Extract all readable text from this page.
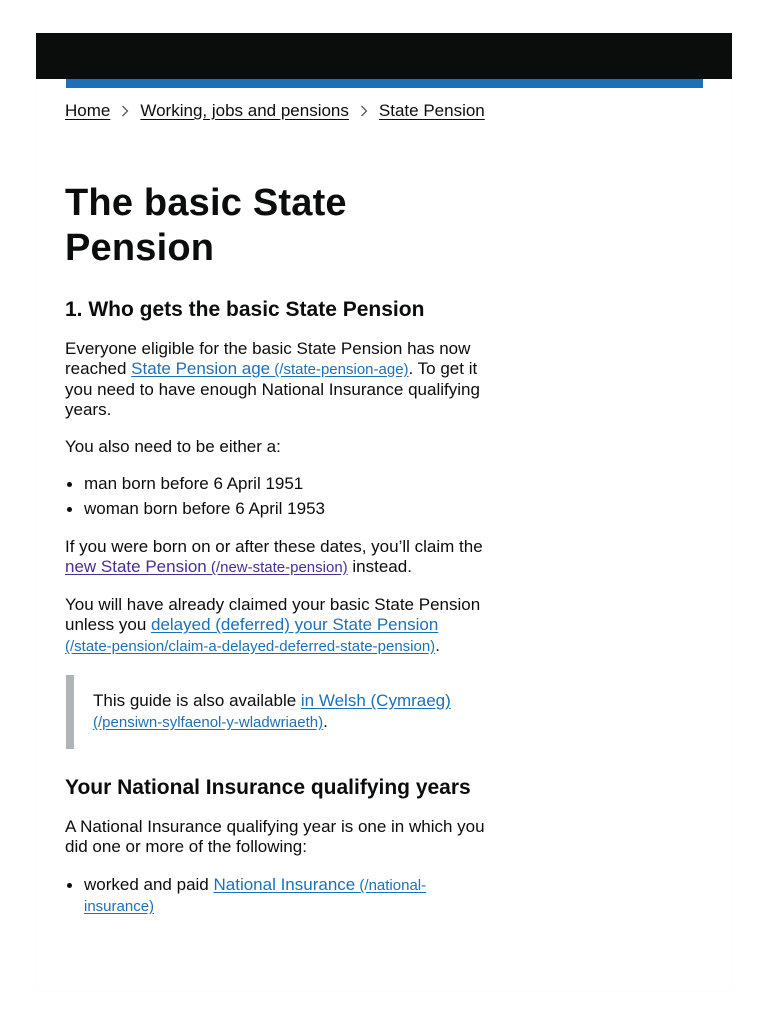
Home Working, jobs and pensions State Pension
The basic State
Pension
1. Who gets the basic State Pension

Everyone eligible for the basic State Pension has now reached State Pension age (/state-pension-age). To get it you need to have enough National Insurance qualifying years.

You also need to be either a:

man born before 6 April 1951
woman born before 6 April 1953

If you were born on or after these dates, you’ll claim the new State Pension (/new-state-pension) instead.

You will have already claimed your basic State Pension unless you delayed (deferred) your State Pension (/state-pension/claim-a-delayed-deferred-state-pension).

This guide is also available in Welsh (Cymraeg) (/pensiwn-sylfaenol-y-wladwriaeth).

Your National Insurance qualifying years

A National Insurance qualifying year is one in which you did one or more of the following:

worked and paid National Insurance (/national-insurance)
